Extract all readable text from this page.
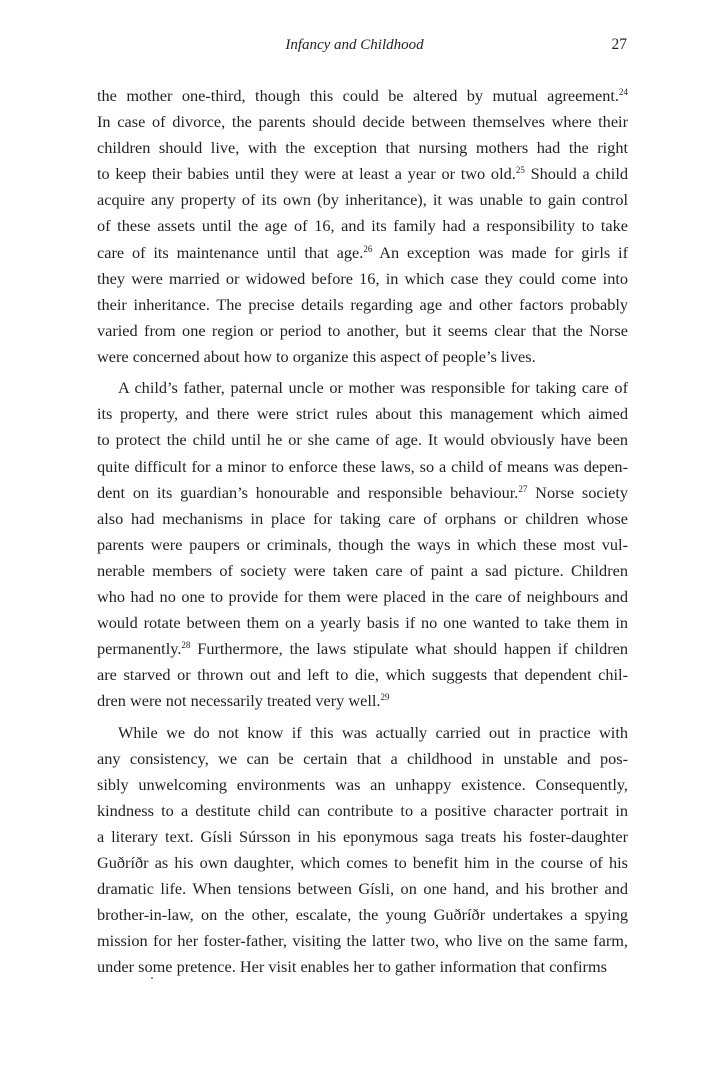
Infancy and Childhood	27
the mother one-third, though this could be altered by mutual agreement.$^{24}$
In case of divorce, the parents should decide between themselves where their
children should live, with the exception that nursing mothers had the right
to keep their babies until they were at least a year or two old.$^{25}$ Should a child
acquire any property of its own (by inheritance), it was unable to gain control
of these assets until the age of 16, and its family had a responsibility to take
care of its maintenance until that age.$^{26}$ An exception was made for girls if
they were married or widowed before 16, in which case they could come into
their inheritance. The precise details regarding age and other factors probably
varied from one region or period to another, but it seems clear that the Norse
were concerned about how to organize this aspect of people’s lives.
A child’s father, paternal uncle or mother was responsible for taking care of
its property, and there were strict rules about this management which aimed
to protect the child until he or she came of age. It would obviously have been
quite difficult for a minor to enforce these laws, so a child of means was depen-
dent on its guardian’s honourable and responsible behaviour.$^{27}$ Norse society
also had mechanisms in place for taking care of orphans or children whose
parents were paupers or criminals, though the ways in which these most vul-
nerable members of society were taken care of paint a sad picture. Children
who had no one to provide for them were placed in the care of neighbours and
would rotate between them on a yearly basis if no one wanted to take them in
permanently.$^{28}$ Furthermore, the laws stipulate what should happen if children
are starved or thrown out and left to die, which suggests that dependent chil-
dren were not necessarily treated very well.$^{29}$
While we do not know if this was actually carried out in practice with
any consistency, we can be certain that a childhood in unstable and pos-
sibly unwelcoming environments was an unhappy existence. Consequently,
kindness to a destitute child can contribute to a positive character portrait in
a literary text. Gísli Súrsson in his eponymous saga treats his foster-daughter
Guðríðr as his own daughter, which comes to benefit him in the course of his
dramatic life. When tensions between Gísli, on one hand, and his brother and
brother-in-law, on the other, escalate, the young Guðríðr undertakes a spying
mission for her foster-father, visiting the latter two, who live on the same farm,
under some pretence. Her visit enables her to gather information that confirms
